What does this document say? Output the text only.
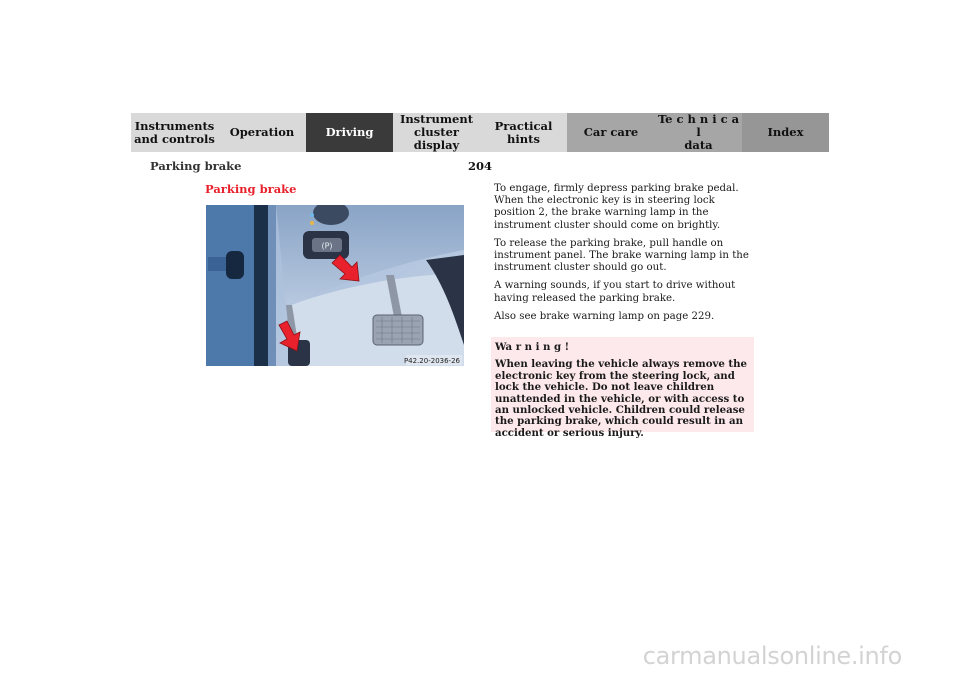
Instruments
and controls Operation	Driving
Instrument
cluster display
Practical hints	Car care
Te c h n i c a l
data
Index
Parking brake	204
Parking brake
(P)
P42.20-2036-26

To engage, firmly depress parking brake pedal. When the electronic key is in steering lock position 2, the brake warning lamp in the instrument cluster should come on brightly.

To release the parking brake, pull handle on instrument panel. The brake warning lamp in the instrument cluster should go out.

A warning sounds, if you start to drive without having released the parking brake.

Also see brake warning lamp on page 229.

Wa r n i n g !

When leaving the vehicle always remove the electronic key from the steering lock, and lock the vehicle. Do not leave children unattended in the vehicle, or with access to an unlocked vehicle. Children could release the parking brake, which could result in an accident or serious injury.

carmanualsonline.info
